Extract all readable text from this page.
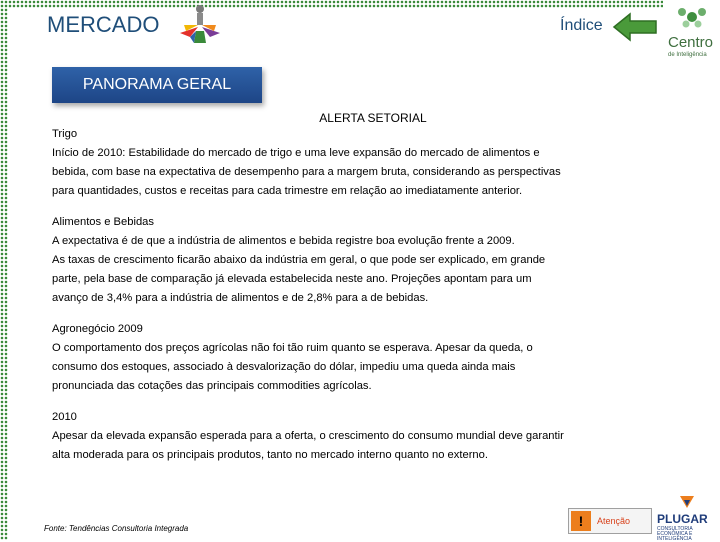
MERCADO	Índice
Centro
de Inteligência
PANORAMA GERAL
ALERTA SETORIAL

Trigo

Início de 2010: Estabilidade do mercado de trigo e uma leve expansão do mercado de alimentos e

bebida, com base na expectativa de desempenho para a margem bruta, considerando as perspectivas

para quantidades, custos e receitas para cada trimestre em relação ao imediatamente anterior.

Alimentos e Bebidas

A expectativa é de que a indústria de alimentos e bebida registre boa evolução frente a 2009.

As taxas de crescimento ficarão abaixo da indústria em geral, o que pode ser explicado, em grande

parte, pela base de comparação já elevada estabelecida neste ano. Projeções apontam para um

avanço de 3,4% para a indústria de alimentos e de 2,8% para a de bebidas.

Agronegócio 2009

O comportamento dos preços agrícolas não foi tão ruim quanto se esperava. Apesar da queda, o

consumo dos estoques, associado à desvalorização do dólar, impediu uma queda ainda mais

pronunciada das cotações das principais commodities agrícolas.

2010

Apesar da elevada expansão esperada para a oferta, o crescimento do consumo mundial deve garantir

alta moderada para os principais produtos, tanto no mercado interno quanto no externo.

Fonte: Tendências Consultoria Integrada	!	Atenção PLUGAR
CONSULTORIA ECONÔMICA E INTELIGÊNCIA
